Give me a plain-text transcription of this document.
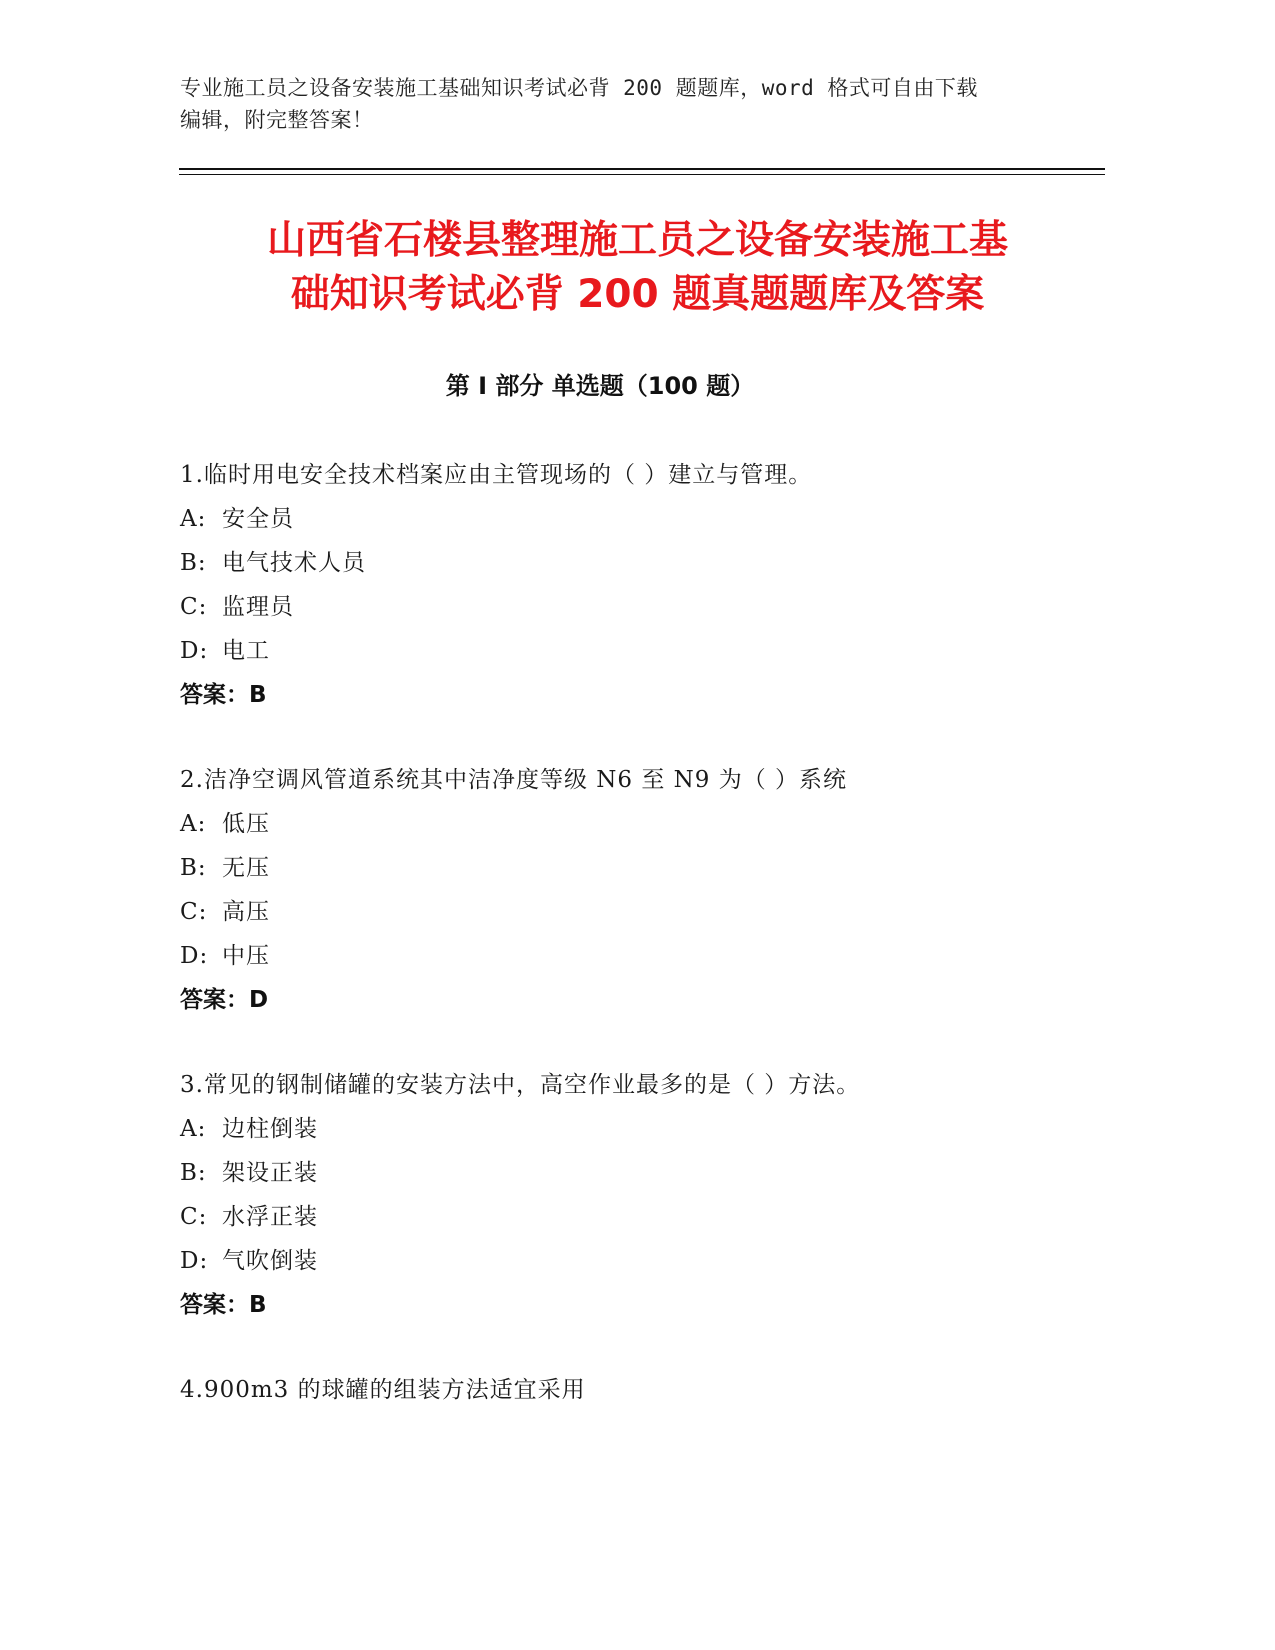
专业施工员之设备安装施工基础知识考试必背 200 题题库，word 格式可自由下载
编辑，附完整答案！
山西省石楼县整理施工员之设备安装施工基
础知识考试必背 200 题真题题库及答案
第 I 部分 单选题（100 题）
1.临时用电安全技术档案应由主管现场的（ ）建立与管理。
A: 安全员
B: 电气技术人员
C: 监理员
D: 电工
答案：B
2.洁净空调风管道系统其中洁净度等级 N6 至 N9 为（ ）系统
A: 低压
B: 无压
C: 高压
D: 中压
答案：D
3.常见的钢制储罐的安装方法中，高空作业最多的是（ ）方法。
A: 边柱倒装
B: 架设正装
C: 水浮正装
D: 气吹倒装
答案：B
4.900m3 的球罐的组装方法适宜采用
